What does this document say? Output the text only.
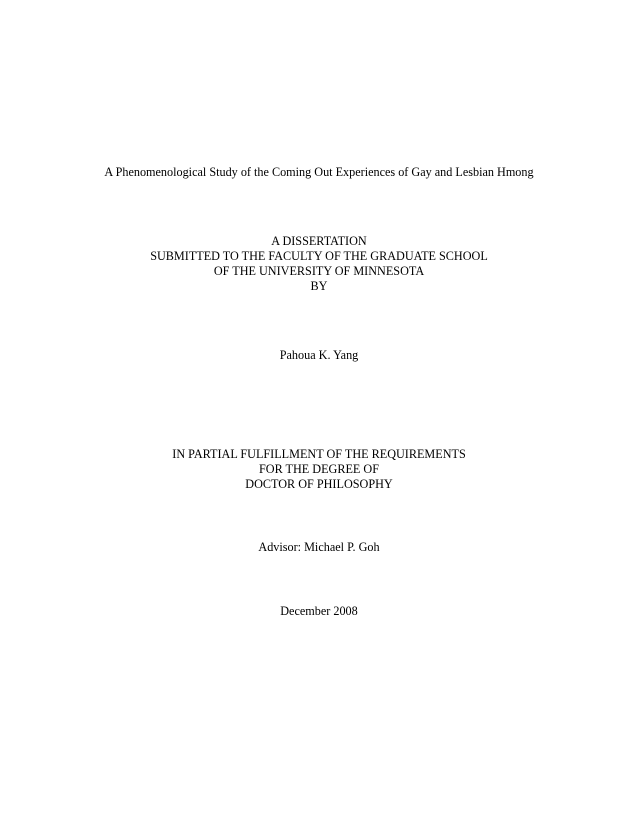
A Phenomenological Study of the Coming Out Experiences of Gay and Lesbian Hmong
A DISSERTATION
SUBMITTED TO THE FACULTY OF THE GRADUATE SCHOOL
OF THE UNIVERSITY OF MINNESOTA
BY
Pahoua K. Yang
IN PARTIAL FULFILLMENT OF THE REQUIREMENTS
FOR THE DEGREE OF
DOCTOR OF PHILOSOPHY
Advisor: Michael P. Goh
December 2008
